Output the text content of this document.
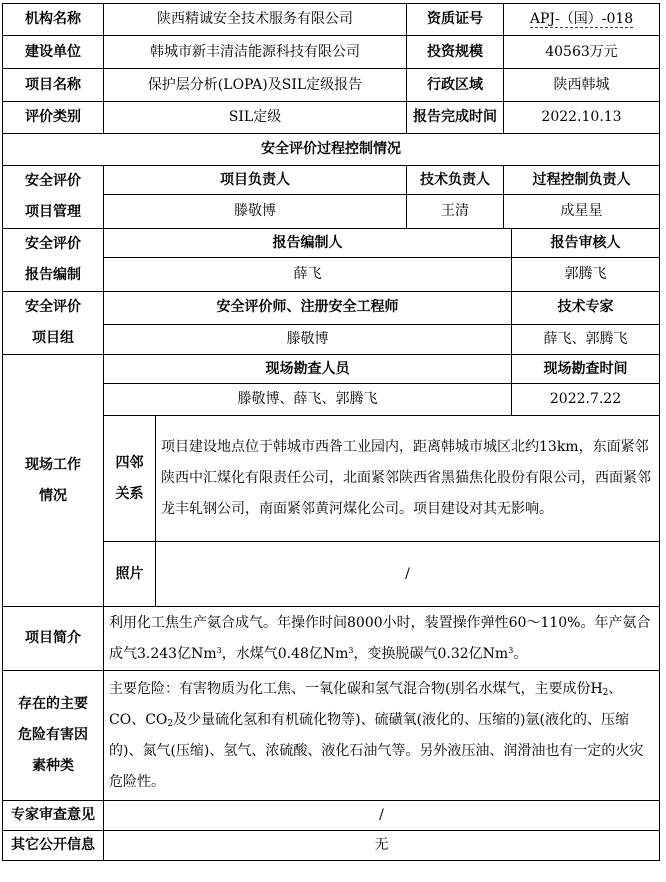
机构名称	陕西精诚安全技术服务有限公司		资质证号	APJ-（国）-018	
建设单位	韩城市新丰清洁能源科技有限公司		投资规模	40563万元	
项目名称	保护层分析(LOPA)及SIL定级报告		行政区域	陕西韩城	
评价类别	SIL定级		报告完成时间	2022.10.13	
安全评价过程控制情况					
安全评价
项目管理	项目负责人		技术负责人	过程控制负责人	
	滕敬博		王清	成星星	
安全评价
报告编制	报告编制人				报告审核人
	薛飞				郭腾飞
安全评价
项目组	安全评价师、注册安全工程师				技术专家
	滕敬博				薛飞、郭腾飞
现场工作
情况	现场勘查人员				现场勘查时间
	滕敬博、薛飞、郭腾飞				2022.7.22
	四邻
关系	项目建设地点位于韩城市西昝工业园内，距离韩城市城区北约13km，东面紧邻陕西中汇煤化有限责任公司，北面紧邻陕西省黑猫焦化股份有限公司，西面紧邻龙丰轧钢公司，南面紧邻黄河煤化公司。项目建设对其无影响。			
	照片	/			
项目简介	利用化工焦生产氨合成气。年操作时间8000小时，装置操作弹性60～110%。年产氨合成气3.243亿Nm$^3$，水煤气0.48亿Nm$^3$，变换脱碳气0.32亿Nm$^3$。				
存在的主要
危险有害因
素种类	主要危险：有害物质为化工焦、一氧化碳和氢气混合物(别名水煤气，主要成份$H_2$、CO、$CO_2$及少量硫化氢和有机硫化物等)、硫磺氧(液化的、压缩的)氩(液化的、压缩的)、氮气(压缩)、氢气、浓硫酸、液化石油气等。另外液压油、润滑油也有一定的火灾危险性。				
专家审查意见	/				
其它公开信息	无				
